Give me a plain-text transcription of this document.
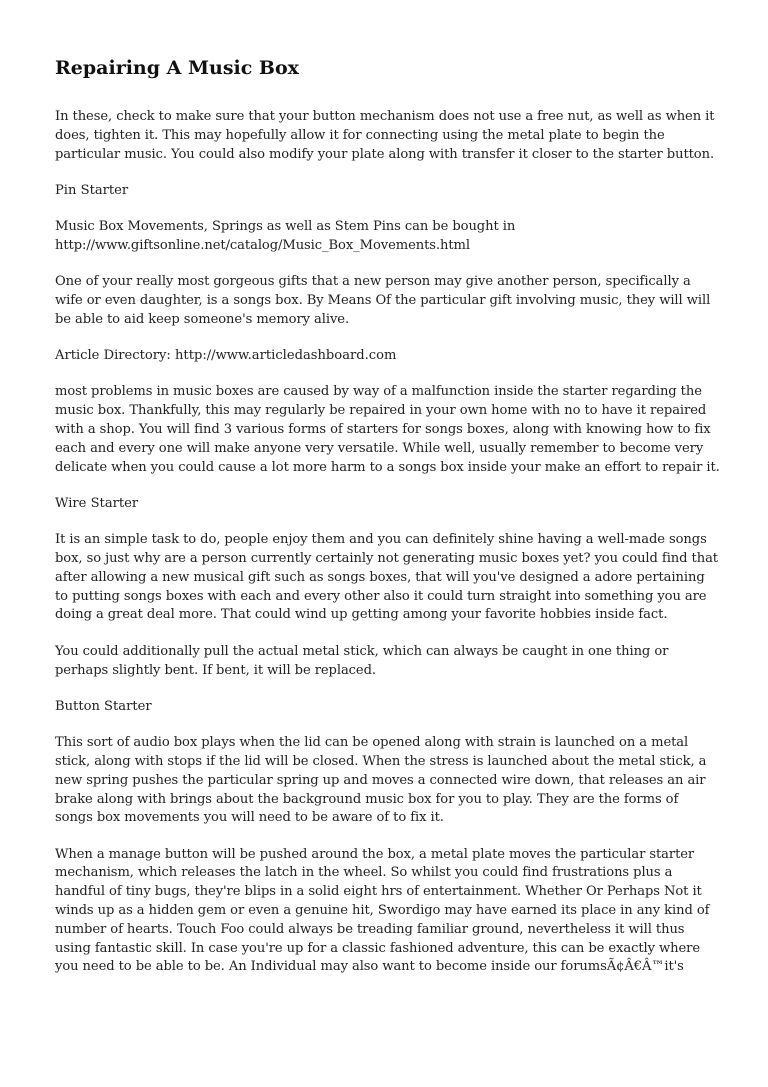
Repairing A Music Box

In these, check to make sure that your button mechanism does not use a free nut, as well as when it does, tighten it. This may hopefully allow it for connecting using the metal plate to begin the particular music. You could also modify your plate along with transfer it closer to the starter button.

Pin Starter

Music Box Movements, Springs as well as Stem Pins can be bought in http://www.giftsonline.net/catalog/Music_Box_Movements.html

One of your really most gorgeous gifts that a new person may give another person, specifically a wife or even daughter, is a songs box. By Means Of the particular gift involving music, they will will be able to aid keep someone's memory alive.

Article Directory: http://www.articledashboard.com

most problems in music boxes are caused by way of a malfunction inside the starter regarding the music box. Thankfully, this may regularly be repaired in your own home with no to have it repaired with a shop. You will find 3 various forms of starters for songs boxes, along with knowing how to fix each and every one will make anyone very versatile. While well, usually remember to become very delicate when you could cause a lot more harm to a songs box inside your make an effort to repair it.

Wire Starter

It is an simple task to do, people enjoy them and you can definitely shine having a well-made songs box, so just why are a person currently certainly not generating music boxes yet? you could find that after allowing a new musical gift such as songs boxes, that will you've designed a adore pertaining to putting songs boxes with each and every other also it could turn straight into something you are doing a great deal more. That could wind up getting among your favorite hobbies inside fact.

You could additionally pull the actual metal stick, which can always be caught in one thing or perhaps slightly bent. If bent, it will be replaced.

Button Starter

This sort of audio box plays when the lid can be opened along with strain is launched on a metal stick, along with stops if the lid will be closed. When the stress is launched about the metal stick, a new spring pushes the particular spring up and moves a connected wire down, that releases an air brake along with brings about the background music box for you to play. They are the forms of songs box movements you will need to be aware of to fix it.

When a manage button will be pushed around the box, a metal plate moves the particular starter mechanism, which releases the latch in the wheel. So whilst you could find frustrations plus a handful of tiny bugs, they're blips in a solid eight hrs of entertainment. Whether Or Perhaps Not it winds up as a hidden gem or even a genuine hit, Swordigo may have earned its place in any kind of number of hearts. Touch Foo could always be treading familiar ground, nevertheless it will thus using fantastic skill. In case you're up for a classic fashioned adventure, this can be exactly where you need to be able to be. An Individual may also want to become inside our forumsÃ¢Â€Â™it's
